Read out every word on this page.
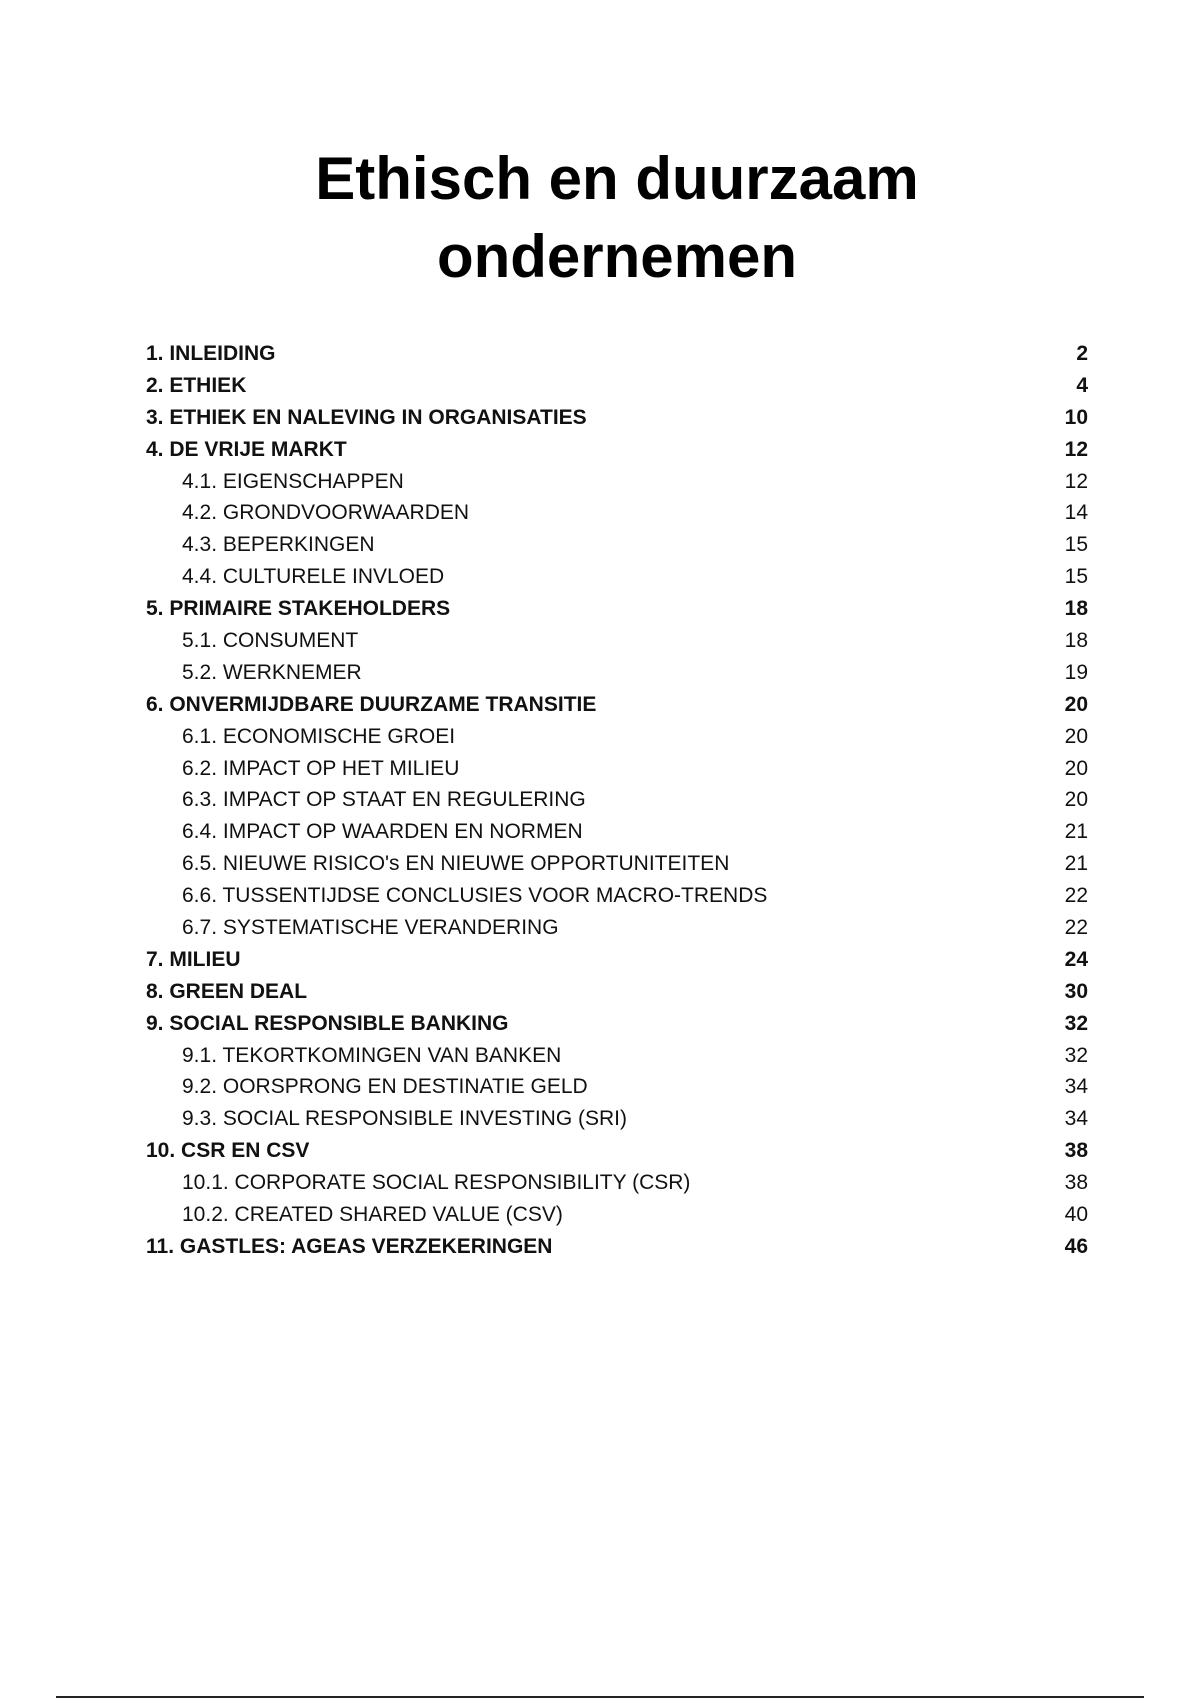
Ethisch en duurzaam
ondernemen
1. INLEIDING	2
2. ETHIEK	4
3. ETHIEK EN NALEVING IN ORGANISATIES	10
4. DE VRIJE MARKT	12
4.1. EIGENSCHAPPEN	12
4.2. GRONDVOORWAARDEN	14
4.3. BEPERKINGEN	15
4.4. CULTURELE INVLOED	15
5. PRIMAIRE STAKEHOLDERS	18
5.1. CONSUMENT	18
5.2. WERKNEMER	19
6. ONVERMIJDBARE DUURZAME TRANSITIE	20
6.1. ECONOMISCHE GROEI	20
6.2. IMPACT OP HET MILIEU	20
6.3. IMPACT OP STAAT EN REGULERING	20
6.4. IMPACT OP WAARDEN EN NORMEN	21
6.5. NIEUWE RISICO's EN NIEUWE OPPORTUNITEITEN	21
6.6. TUSSENTIJDSE CONCLUSIES VOOR MACRO-TRENDS	22
6.7. SYSTEMATISCHE VERANDERING	22
7. MILIEU	24
8. GREEN DEAL	30
9. SOCIAL RESPONSIBLE BANKING	32
9.1. TEKORTKOMINGEN VAN BANKEN	32
9.2. OORSPRONG EN DESTINATIE GELD	34
9.3. SOCIAL RESPONSIBLE INVESTING (SRI)	34
10. CSR EN CSV	38
10.1. CORPORATE SOCIAL RESPONSIBILITY (CSR)	38
10.2. CREATED SHARED VALUE (CSV)	40
11. GASTLES: AGEAS VERZEKERINGEN	46
